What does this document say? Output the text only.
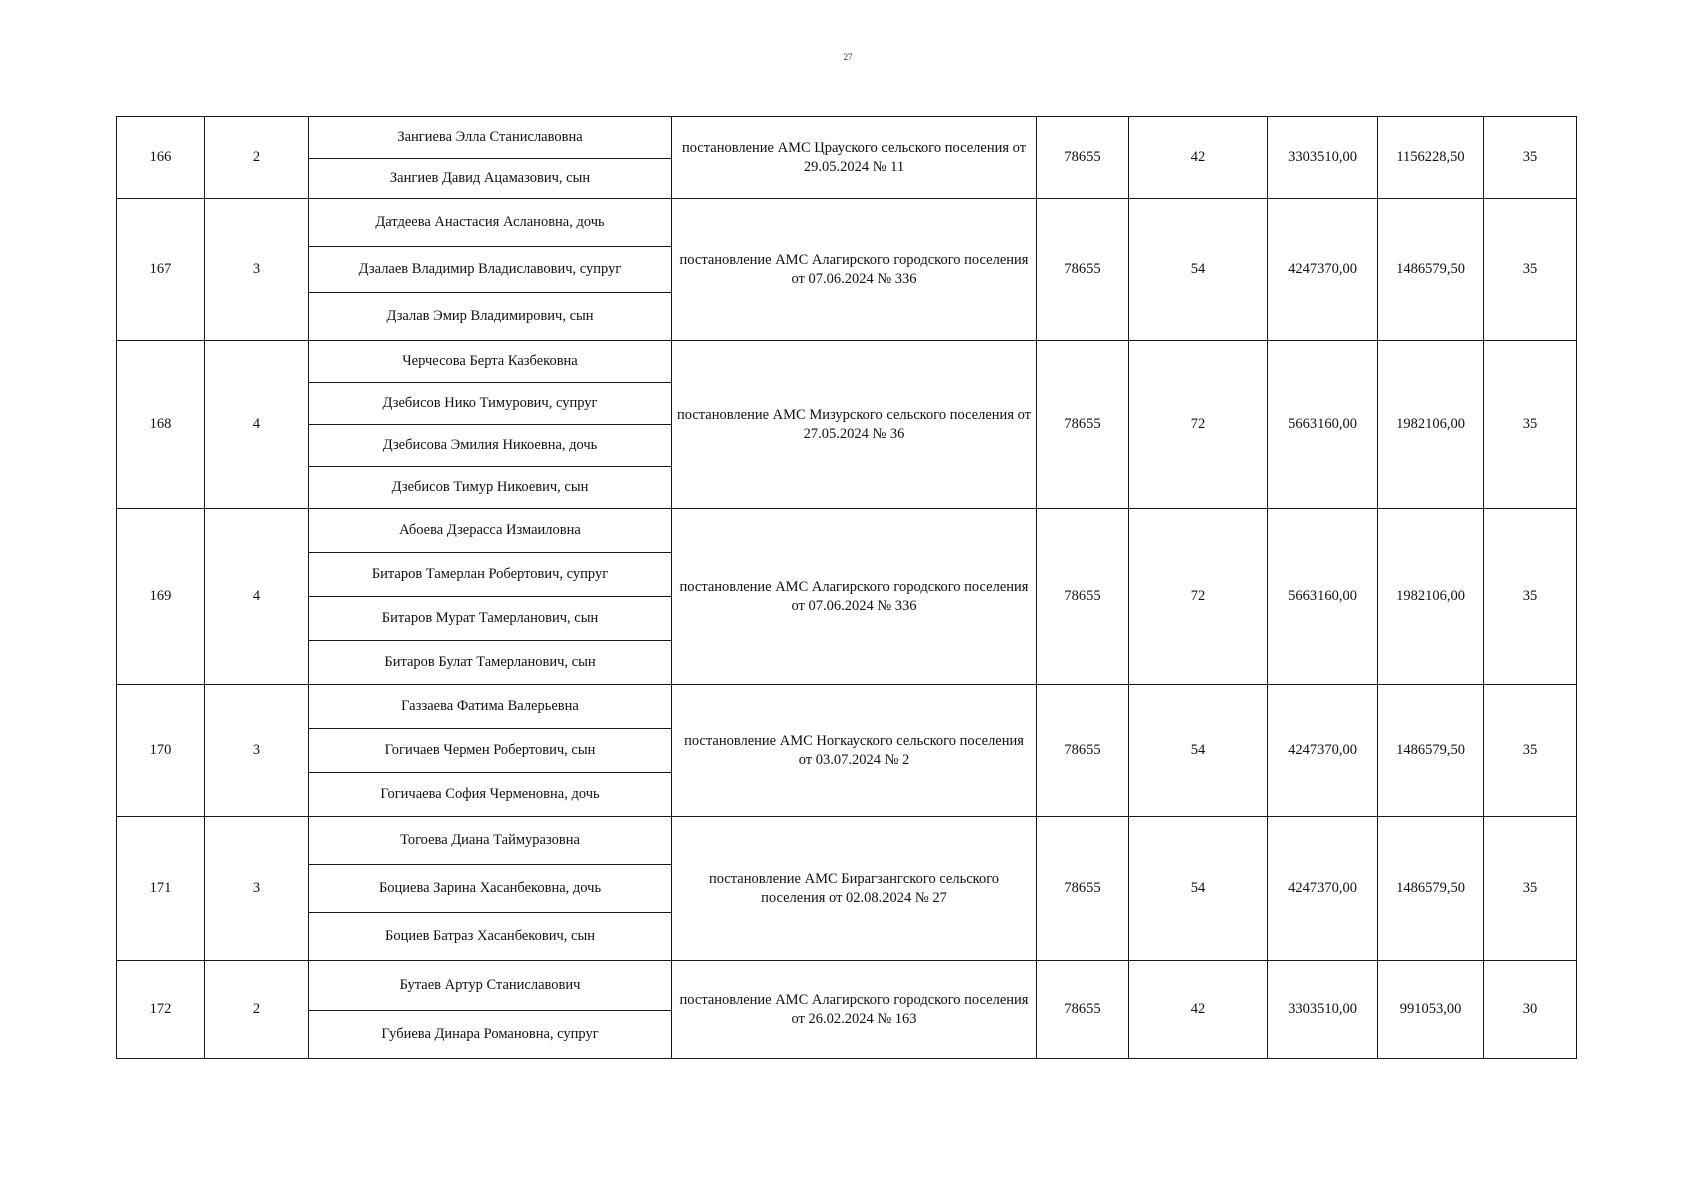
27
166	2	Зангиева Элла Станиславовна	постановление АМС Црауского сельского поселения от 29.05.2024 № 11	78655	42	3303510,00	1156228,50	35
		Зангиев Давид Ацамазович, сын						
167	3	Датдеева Анастасия Аслановна, дочь	постановление АМС Алагирского городского поселения от 07.06.2024 № 336	78655	54	4247370,00	1486579,50	35
		Дзалаев Владимир Владиславович, супруг						
		Дзалав Эмир Владимирович, сын						
168	4	Черчесова Берта Казбековна	постановление АМС Мизурского сельского поселения от 27.05.2024 № 36	78655	72	5663160,00	1982106,00	35
		Дзебисов Нико Тимурович, супруг						
		Дзебисова Эмилия Никоевна, дочь						
		Дзебисов Тимур Никоевич, сын						
169	4	Абоева Дзерасса Измаиловна	постановление АМС Алагирского городского поселения от 07.06.2024 № 336	78655	72	5663160,00	1982106,00	35
		Битаров Тамерлан Робертович, супруг						
		Битаров Мурат Тамерланович, сын						
		Битаров Булат Тамерланович, сын						
170	3	Газзаева Фатима Валерьевна	постановление АМС Ногкауского сельского поселения от 03.07.2024 № 2	78655	54	4247370,00	1486579,50	35
		Гогичаев Чермен Робертович, сын						
		Гогичаева София Черменовна, дочь						
171	3	Тогоева Диана Таймуразовна	постановление АМС Бирагзангского сельского поселения от 02.08.2024 № 27	78655	54	4247370,00	1486579,50	35
		Боциева Зарина Хасанбековна, дочь						
		Боциев Батраз Хасанбекович, сын						
172	2	Бутаев Артур Станиславович	постановление АМС Алагирского городского поселения от 26.02.2024 № 163	78655	42	3303510,00	991053,00	30
		Губиева Динара Романовна, супруг						
